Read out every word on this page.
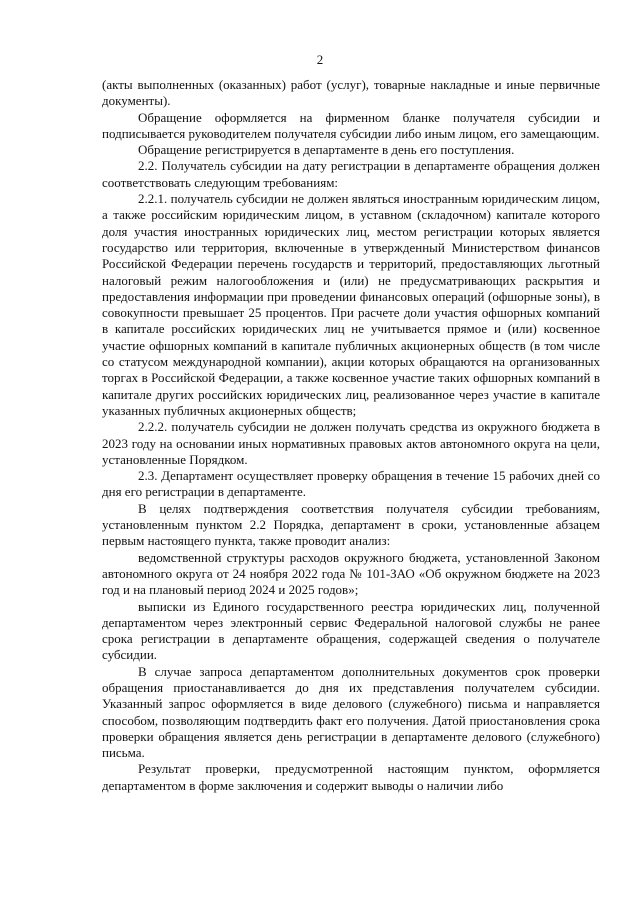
2

(акты выполненных (оказанных) работ (услуг), товарные накладные и иные первичные документы).

Обращение оформляется на фирменном бланке получателя субсидии и подписывается руководителем получателя субсидии либо иным лицом, его замещающим.

Обращение регистрируется в департаменте в день его поступления.

2.2. Получатель субсидии на дату регистрации в департаменте обращения должен соответствовать следующим требованиям:

2.2.1. получатель субсидии не должен являться иностранным юридическим лицом, а также российским юридическим лицом, в уставном (складочном) капитале которого доля участия иностранных юридических лиц, местом регистрации которых является государство или территория, включенные в утвержденный Министерством финансов Российской Федерации перечень государств и территорий, предоставляющих льготный налоговый режим налогообложения и (или) не предусматривающих раскрытия и предоставления информации при проведении финансовых операций (офшорные зоны), в совокупности превышает 25 процентов. При расчете доли участия офшорных компаний в капитале российских юридических лиц не учитывается прямое и (или) косвенное участие офшорных компаний в капитале публичных акционерных обществ (в том числе со статусом международной компании), акции которых обращаются на организованных торгах в Российской Федерации, а также косвенное участие таких офшорных компаний в капитале других российских юридических лиц, реализованное через участие в капитале указанных публичных акционерных обществ;

2.2.2. получатель субсидии не должен получать средства из окружного бюджета в 2023 году на основании иных нормативных правовых актов автономного округа на цели, установленные Порядком.

2.3. Департамент осуществляет проверку обращения в течение 15 рабочих дней со дня его регистрации в департаменте.

В целях подтверждения соответствия получателя субсидии требованиям, установленным пунктом 2.2 Порядка, департамент в сроки, установленные абзацем первым настоящего пункта, также проводит анализ:

ведомственной структуры расходов окружного бюджета, установленной Законом автономного округа от 24 ноября 2022 года № 101-ЗАО «Об окружном бюджете на 2023 год и на плановый период 2024 и 2025 годов»;

выписки из Единого государственного реестра юридических лиц, полученной департаментом через электронный сервис Федеральной налоговой службы не ранее срока регистрации в департаменте обращения, содержащей сведения о получателе субсидии.

В случае запроса департаментом дополнительных документов срок проверки обращения приостанавливается до дня их представления получателем субсидии. Указанный запрос оформляется в виде делового (служебного) письма и направляется способом, позволяющим подтвердить факт его получения. Датой приостановления срока проверки обращения является день регистрации в департаменте делового (служебного) письма.

Результат проверки, предусмотренной настоящим пунктом, оформляется департаментом в форме заключения и содержит выводы о наличии либо
